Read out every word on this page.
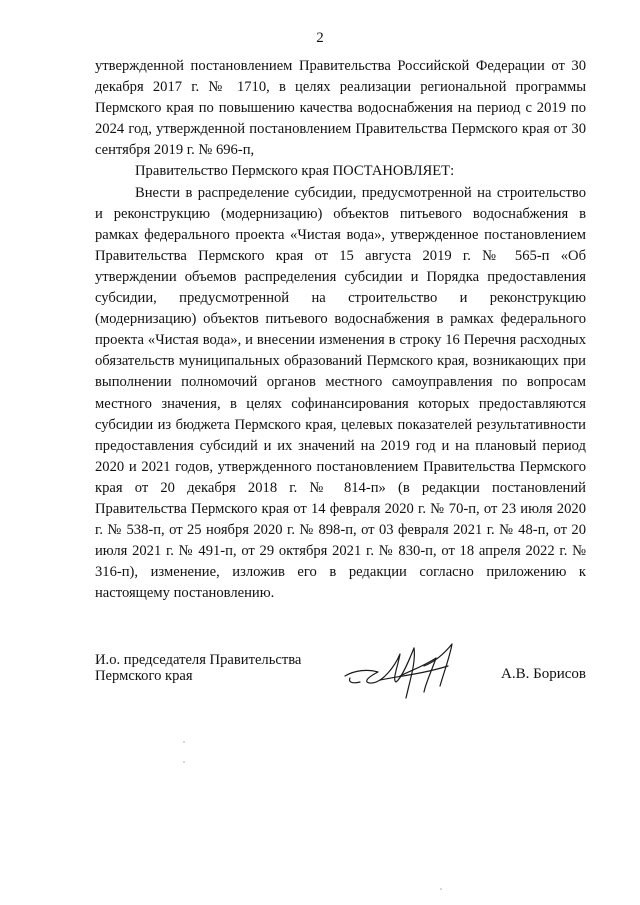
2

утвержденной постановлением Правительства Российской Федерации от 30 декабря 2017 г. № 1710, в целях реализации региональной программы Пермского края по повышению качества водоснабжения на период с 2019 по 2024 год, утвержденной постановлением Правительства Пермского края от 30 сентября 2019 г. № 696-п,

Правительство Пермского края ПОСТАНОВЛЯЕТ:

Внести в распределение субсидии, предусмотренной на строительство и реконструкцию (модернизацию) объектов питьевого водоснабжения в рамках федерального проекта «Чистая вода», утвержденное постановлением Правительства Пермского края от 15 августа 2019 г. № 565-п «Об утверждении объемов распределения субсидии и Порядка предоставления субсидии, предусмотренной на строительство и реконструкцию (модернизацию) объектов питьевого водоснабжения в рамках федерального проекта «Чистая вода», и внесении изменения в строку 16 Перечня расходных обязательств муниципальных образований Пермского края, возникающих при выполнении полномочий органов местного самоуправления по вопросам местного значения, в целях софинансирования которых предоставляются субсидии из бюджета Пермского края, целевых показателей результативности предоставления субсидий и их значений на 2019 год и на плановый период 2020 и 2021 годов, утвержденного постановлением Правительства Пермского края от 20 декабря 2018 г. № 814-п» (в редакции постановлений Правительства Пермского края от 14 февраля 2020 г. № 70-п, от 23 июля 2020 г. № 538-п, от 25 ноября 2020 г. № 898-п, от 03 февраля 2021 г. № 48-п, от 20 июля 2021 г. № 491-п, от 29 октября 2021 г. № 830-п, от 18 апреля 2022 г. № 316-п), изменение, изложив его в редакции согласно приложению к настоящему постановлению.

И.о. председателя Правительства
Пермского края	А.В. Борисов
